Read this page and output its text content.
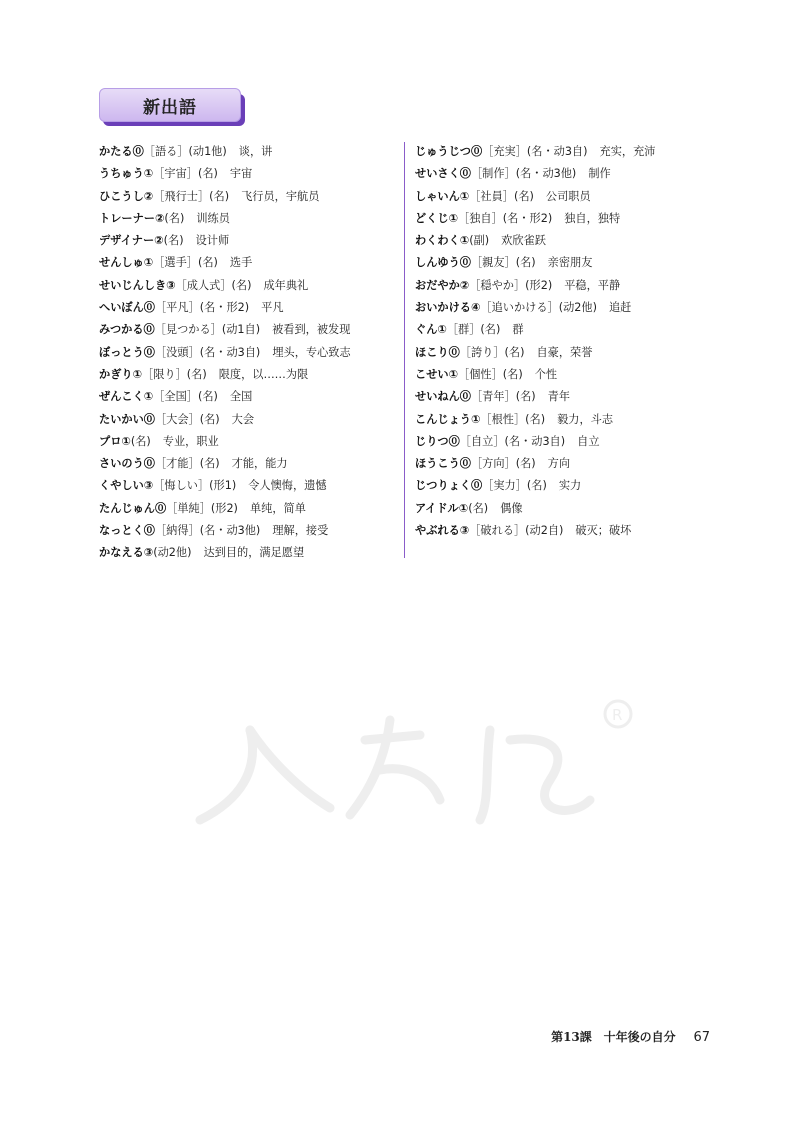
新出語
かたる⓪［語る］(动1他) 谈，讲
うちゅう①［宇宙］(名) 宇宙
ひこうし②［飛行士］(名) 飞行员，宇航员
トレーナー②(名) 训练员
デザイナー②(名) 设计师
せんしゅ①［選手］(名) 选手
せいじんしき③［成人式］(名) 成年典礼
へいぼん⓪［平凡］(名・形2) 平凡
みつかる⓪［見つかる］(动1自) 被看到，被发现
ぼっとう⓪［没頭］(名・动3自) 埋头，专心致志
かぎり①［限り］(名) 限度，以……为限
ぜんこく①［全国］(名) 全国
たいかい⓪［大会］(名) 大会
プロ①(名) 专业，职业
さいのう⓪［才能］(名) 才能，能力
くやしい③［悔しい］(形1) 令人懊悔，遗憾
たんじゅん⓪［単純］(形2) 单纯，简单
なっとく⓪［納得］(名・动3他) 理解，接受
かなえる③(动2他) 达到目的，满足愿望
じゅうじつ⓪［充実］(名・动3自) 充实，充沛
せいさく⓪［制作］(名・动3他) 制作
しゃいん①［社員］(名) 公司职员
どくじ①［独自］(名・形2) 独自，独特
わくわく①(副) 欢欣雀跃
しんゆう⓪［親友］(名) 亲密朋友
おだやか②［穏やか］(形2) 平稳，平静
おいかける④［追いかける］(动2他) 追赶
ぐん①［群］(名) 群
ほこり⓪［誇り］(名) 自豪，荣誉
こせい①［個性］(名) 个性
せいねん⓪［青年］(名) 青年
こんじょう①［根性］(名) 毅力，斗志
じりつ⓪［自立］(名・动3自) 自立
ほうこう⓪［方向］(名) 方向
じつりょく⓪［実力］(名) 实力
アイドル①(名) 偶像
やぶれる③［破れる］(动2自) 破灭；破坏
R
第13課 十年後の自分 67
